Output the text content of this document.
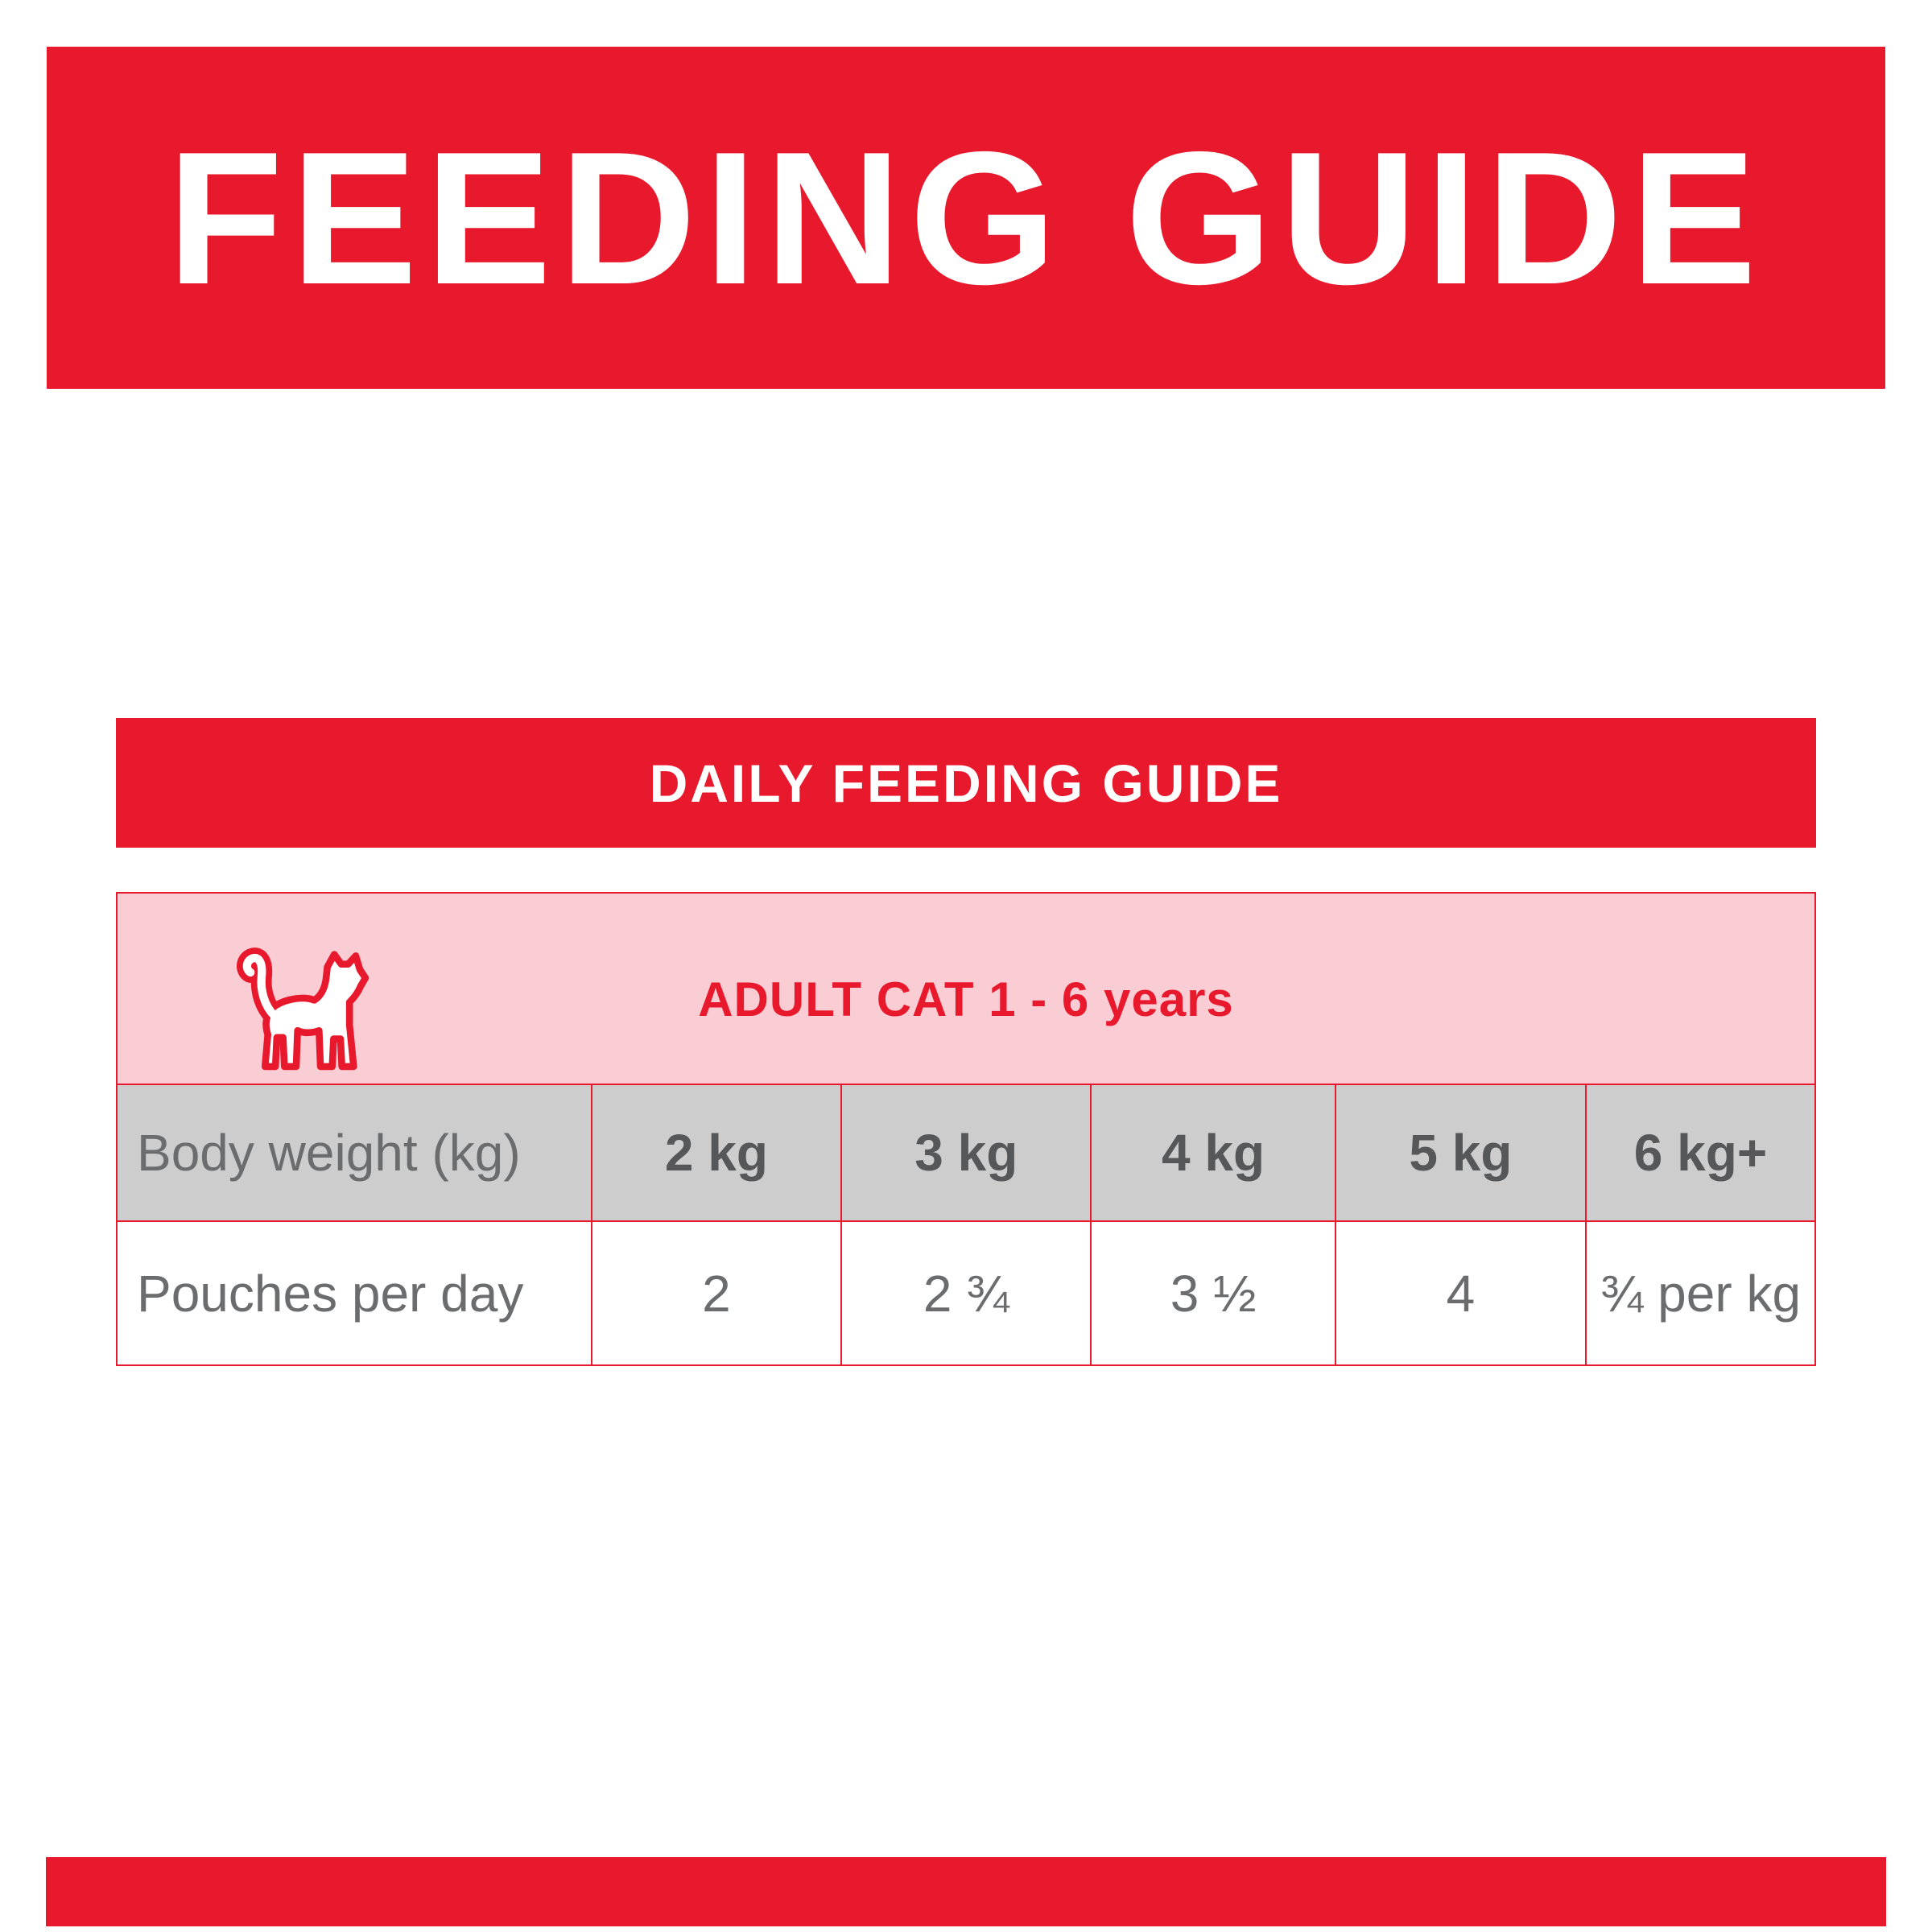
FEEDING GUIDE
DAILY FEEDING GUIDE
ADULT CAT 1 - 6 years
Body weight (kg)	2 kg	3 kg	4 kg	5 kg	6 kg+
Pouches per day	2	2 ¾	3 ½	4	¾ per kg
